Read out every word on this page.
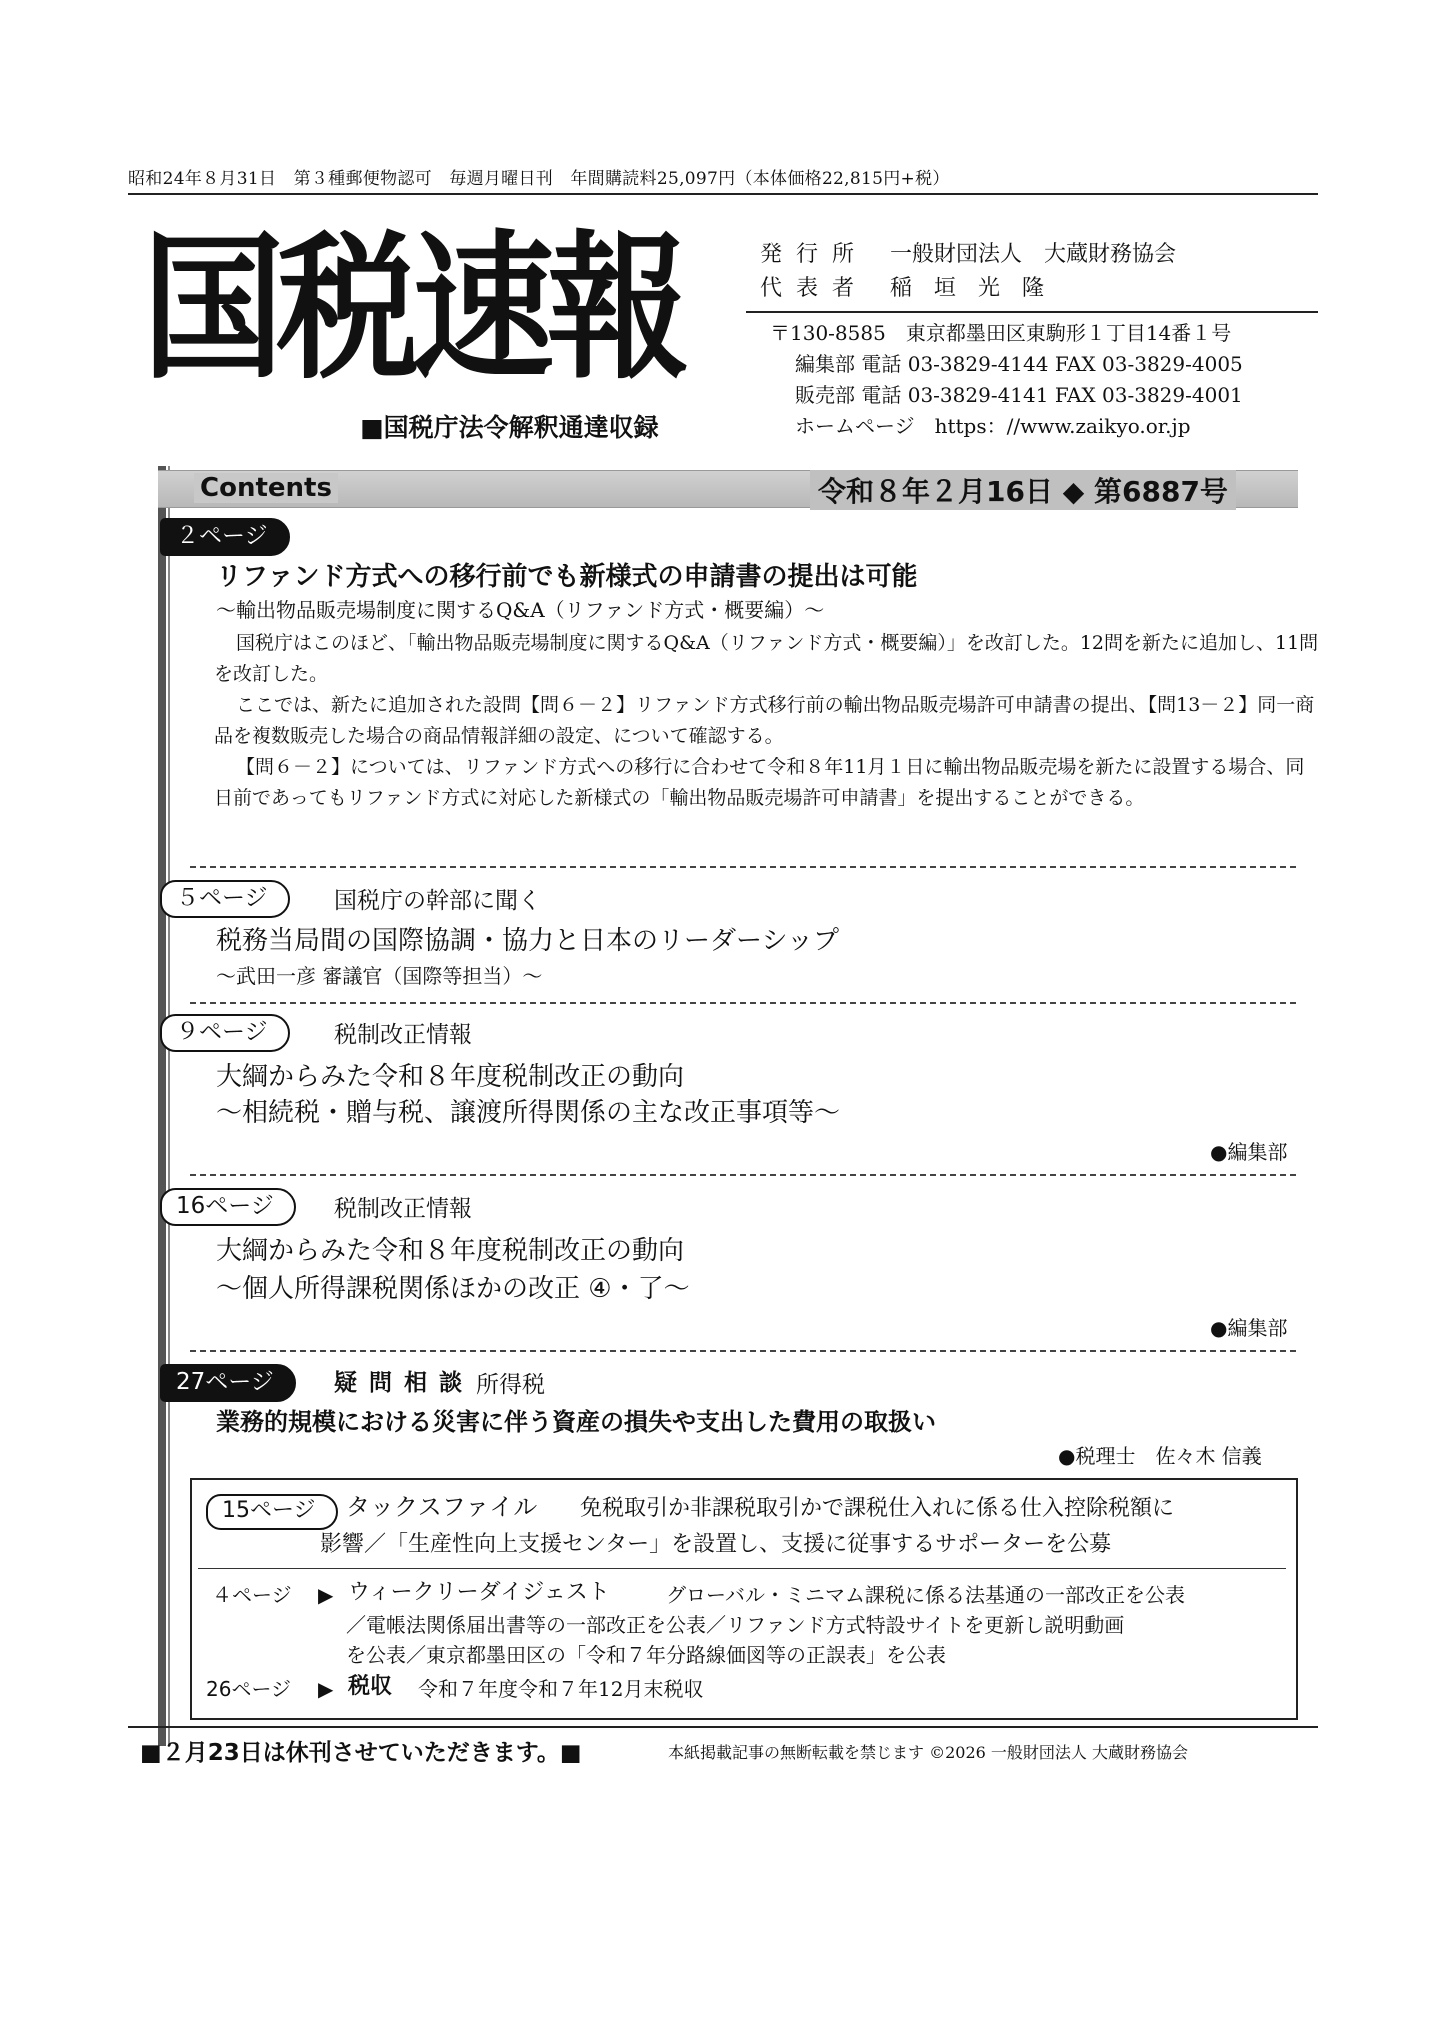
昭和24年８月31日　第３種郵便物認可　毎週月曜日刊　年間購読料25,097円（本体価格22,815円+税）
国税速報
■国税庁法令解釈通達収録
発行所 一般財団法人　大蔵財務協会
代表者 稲　垣　光　隆
〒130-8585　東京都墨田区東駒形１丁目14番１号
編集部 電話 03-3829-4144 FAX 03-3829-4005
販売部 電話 03-3829-4141 FAX 03-3829-4001
ホームページ　https：//www.zaikyo.or.jp
Contents	令和８年２月16日 ◆ 第6887号
２ページ
リファンド方式への移行前でも新様式の申請書の提出は可能
～輸出物品販売場制度に関するQ&A（リファンド方式・概要編）～

国税庁はこのほど、「輸出物品販売場制度に関するQ&A（リファンド方式・概要編）」を改訂した。12問を新たに追加し、11問を改訂した。

ここでは、新たに追加された設問【問６－２】リファンド方式移行前の輸出物品販売場許可申請書の提出、【問13－２】同一商品を複数販売した場合の商品情報詳細の設定、について確認する。

【問６－２】については、リファンド方式への移行に合わせて令和８年11月１日に輸出物品販売場を新たに設置する場合、同日前であってもリファンド方式に対応した新様式の「輸出物品販売場許可申請書」を提出することができる。

５ページ	国税庁の幹部に聞く
税務当局間の国際協調・協力と日本のリーダーシップ
～武田一彦 審議官（国際等担当）～
９ページ	税制改正情報
大綱からみた令和８年度税制改正の動向
～相続税・贈与税、譲渡所得関係の主な改正事項等～
●編集部
16ページ	税制改正情報
大綱からみた令和８年度税制改正の動向
～個人所得課税関係ほかの改正 ④・了～
●編集部
27ページ	疑 問 相 談 所得税
業務的規模における災害に伴う資産の損失や支出した費用の取扱い
●税理士　佐々木 信義
15ページ	タックスファイル 免税取引か非課税取引かで課税仕入れに係る仕入控除税額に
影響／「生産性向上支援センター」を設置し、支援に従事するサポーターを公募
４ページ ▶ ウィークリーダイジェスト	グローバル・ミニマム課税に係る法基通の一部改正を公表
／電帳法関係届出書等の一部改正を公表／リファンド方式特設サイトを更新し説明動画
を公表／東京都墨田区の「令和７年分路線価図等の正誤表」を公表
26ページ ▶ 税収 令和７年度令和７年12月末税収
■２月23日は休刊させていただきます。■	本紙掲載記事の無断転載を禁じます ©2026 一般財団法人 大蔵財務協会
